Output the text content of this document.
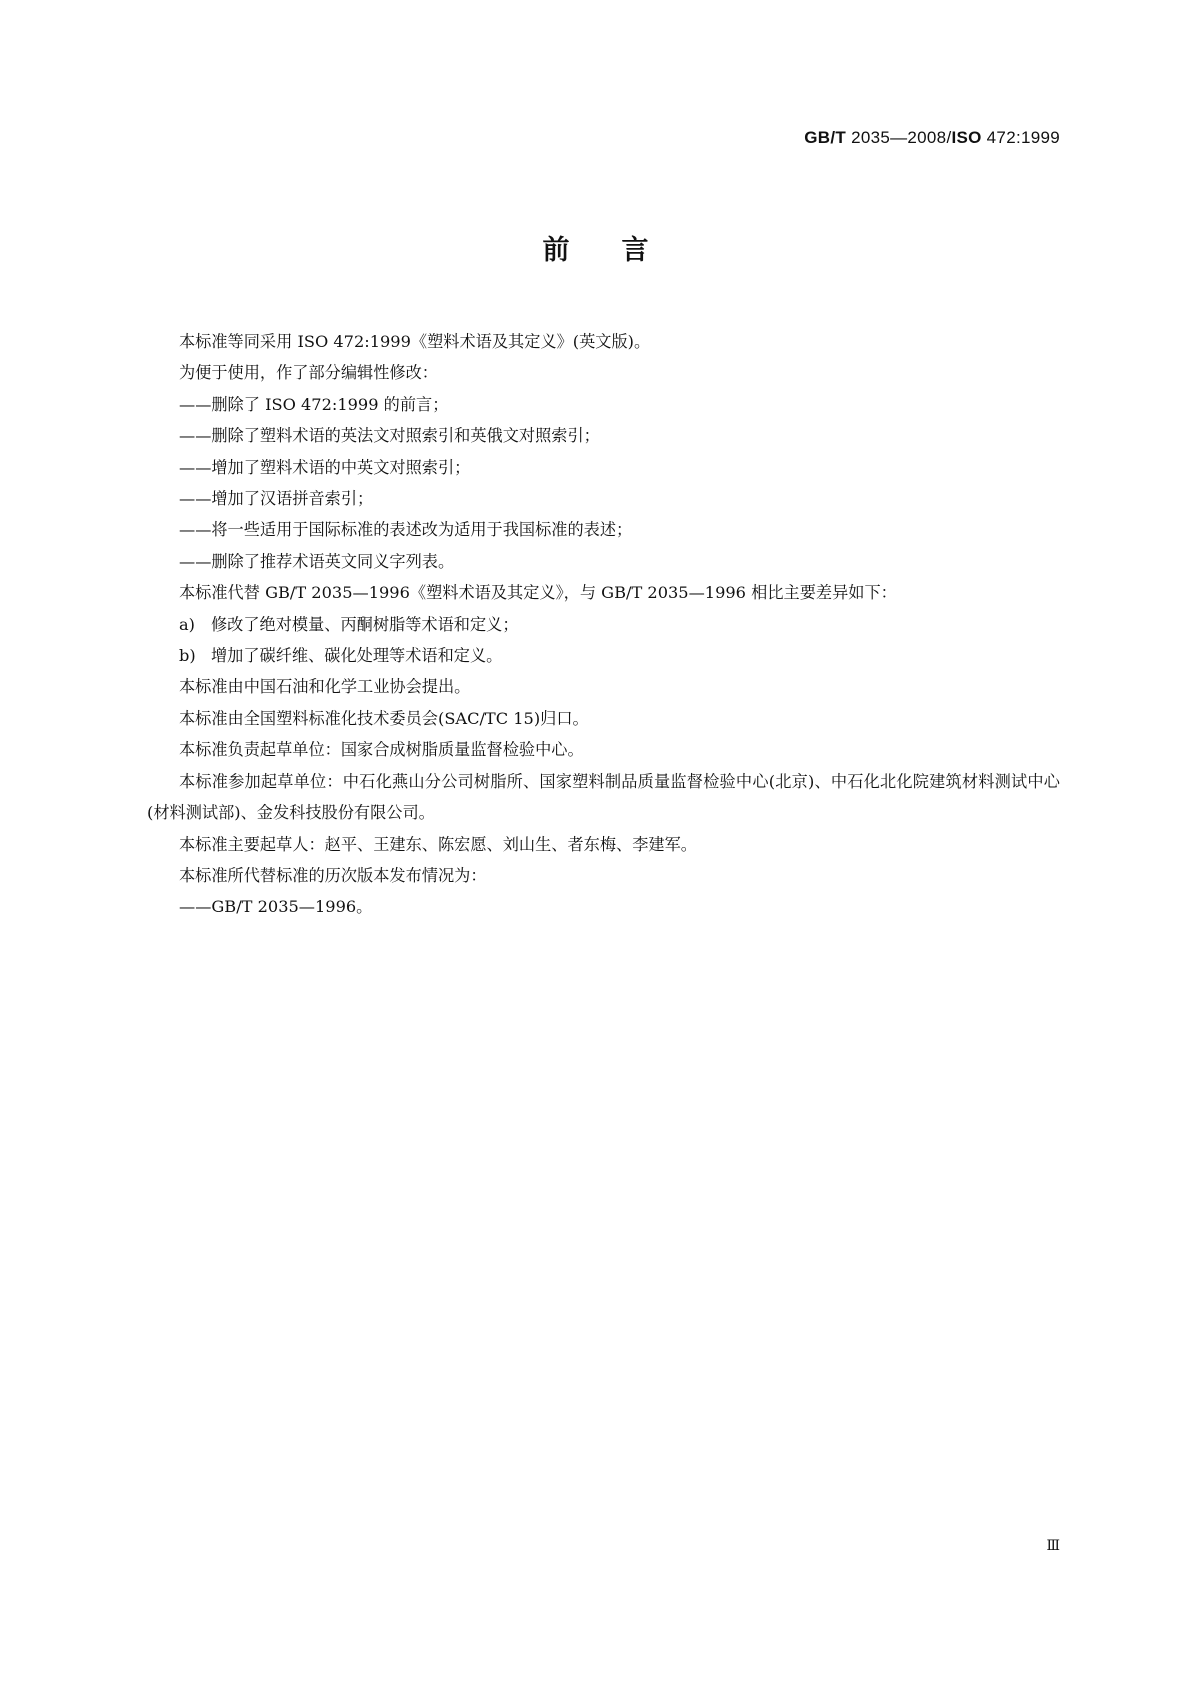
GB/T 2035—2008/ISO 472:1999
前言
本标准等同采用 ISO 472:1999《塑料术语及其定义》(英文版)。
为便于使用，作了部分编辑性修改：
——删除了 ISO 472:1999 的前言；
——删除了塑料术语的英法文对照索引和英俄文对照索引；
——增加了塑料术语的中英文对照索引；
——增加了汉语拼音索引；
——将一些适用于国际标准的表述改为适用于我国标准的表述；
——删除了推荐术语英文同义字列表。
本标准代替 GB/T 2035—1996《塑料术语及其定义》，与 GB/T 2035—1996 相比主要差异如下：
a) 修改了绝对模量、丙酮树脂等术语和定义；
b) 增加了碳纤维、碳化处理等术语和定义。
本标准由中国石油和化学工业协会提出。
本标准由全国塑料标准化技术委员会(SAC/TC 15)归口。
本标准负责起草单位：国家合成树脂质量监督检验中心。
本标准参加起草单位：中石化燕山分公司树脂所、国家塑料制品质量监督检验中心(北京)、中石化北化院建筑材料测试中心(材料测试部)、金发科技股份有限公司。
本标准主要起草人：赵平、王建东、陈宏愿、刘山生、者东梅、李建军。
本标准所代替标准的历次版本发布情况为：
——GB/T 2035—1996。
Ⅲ
